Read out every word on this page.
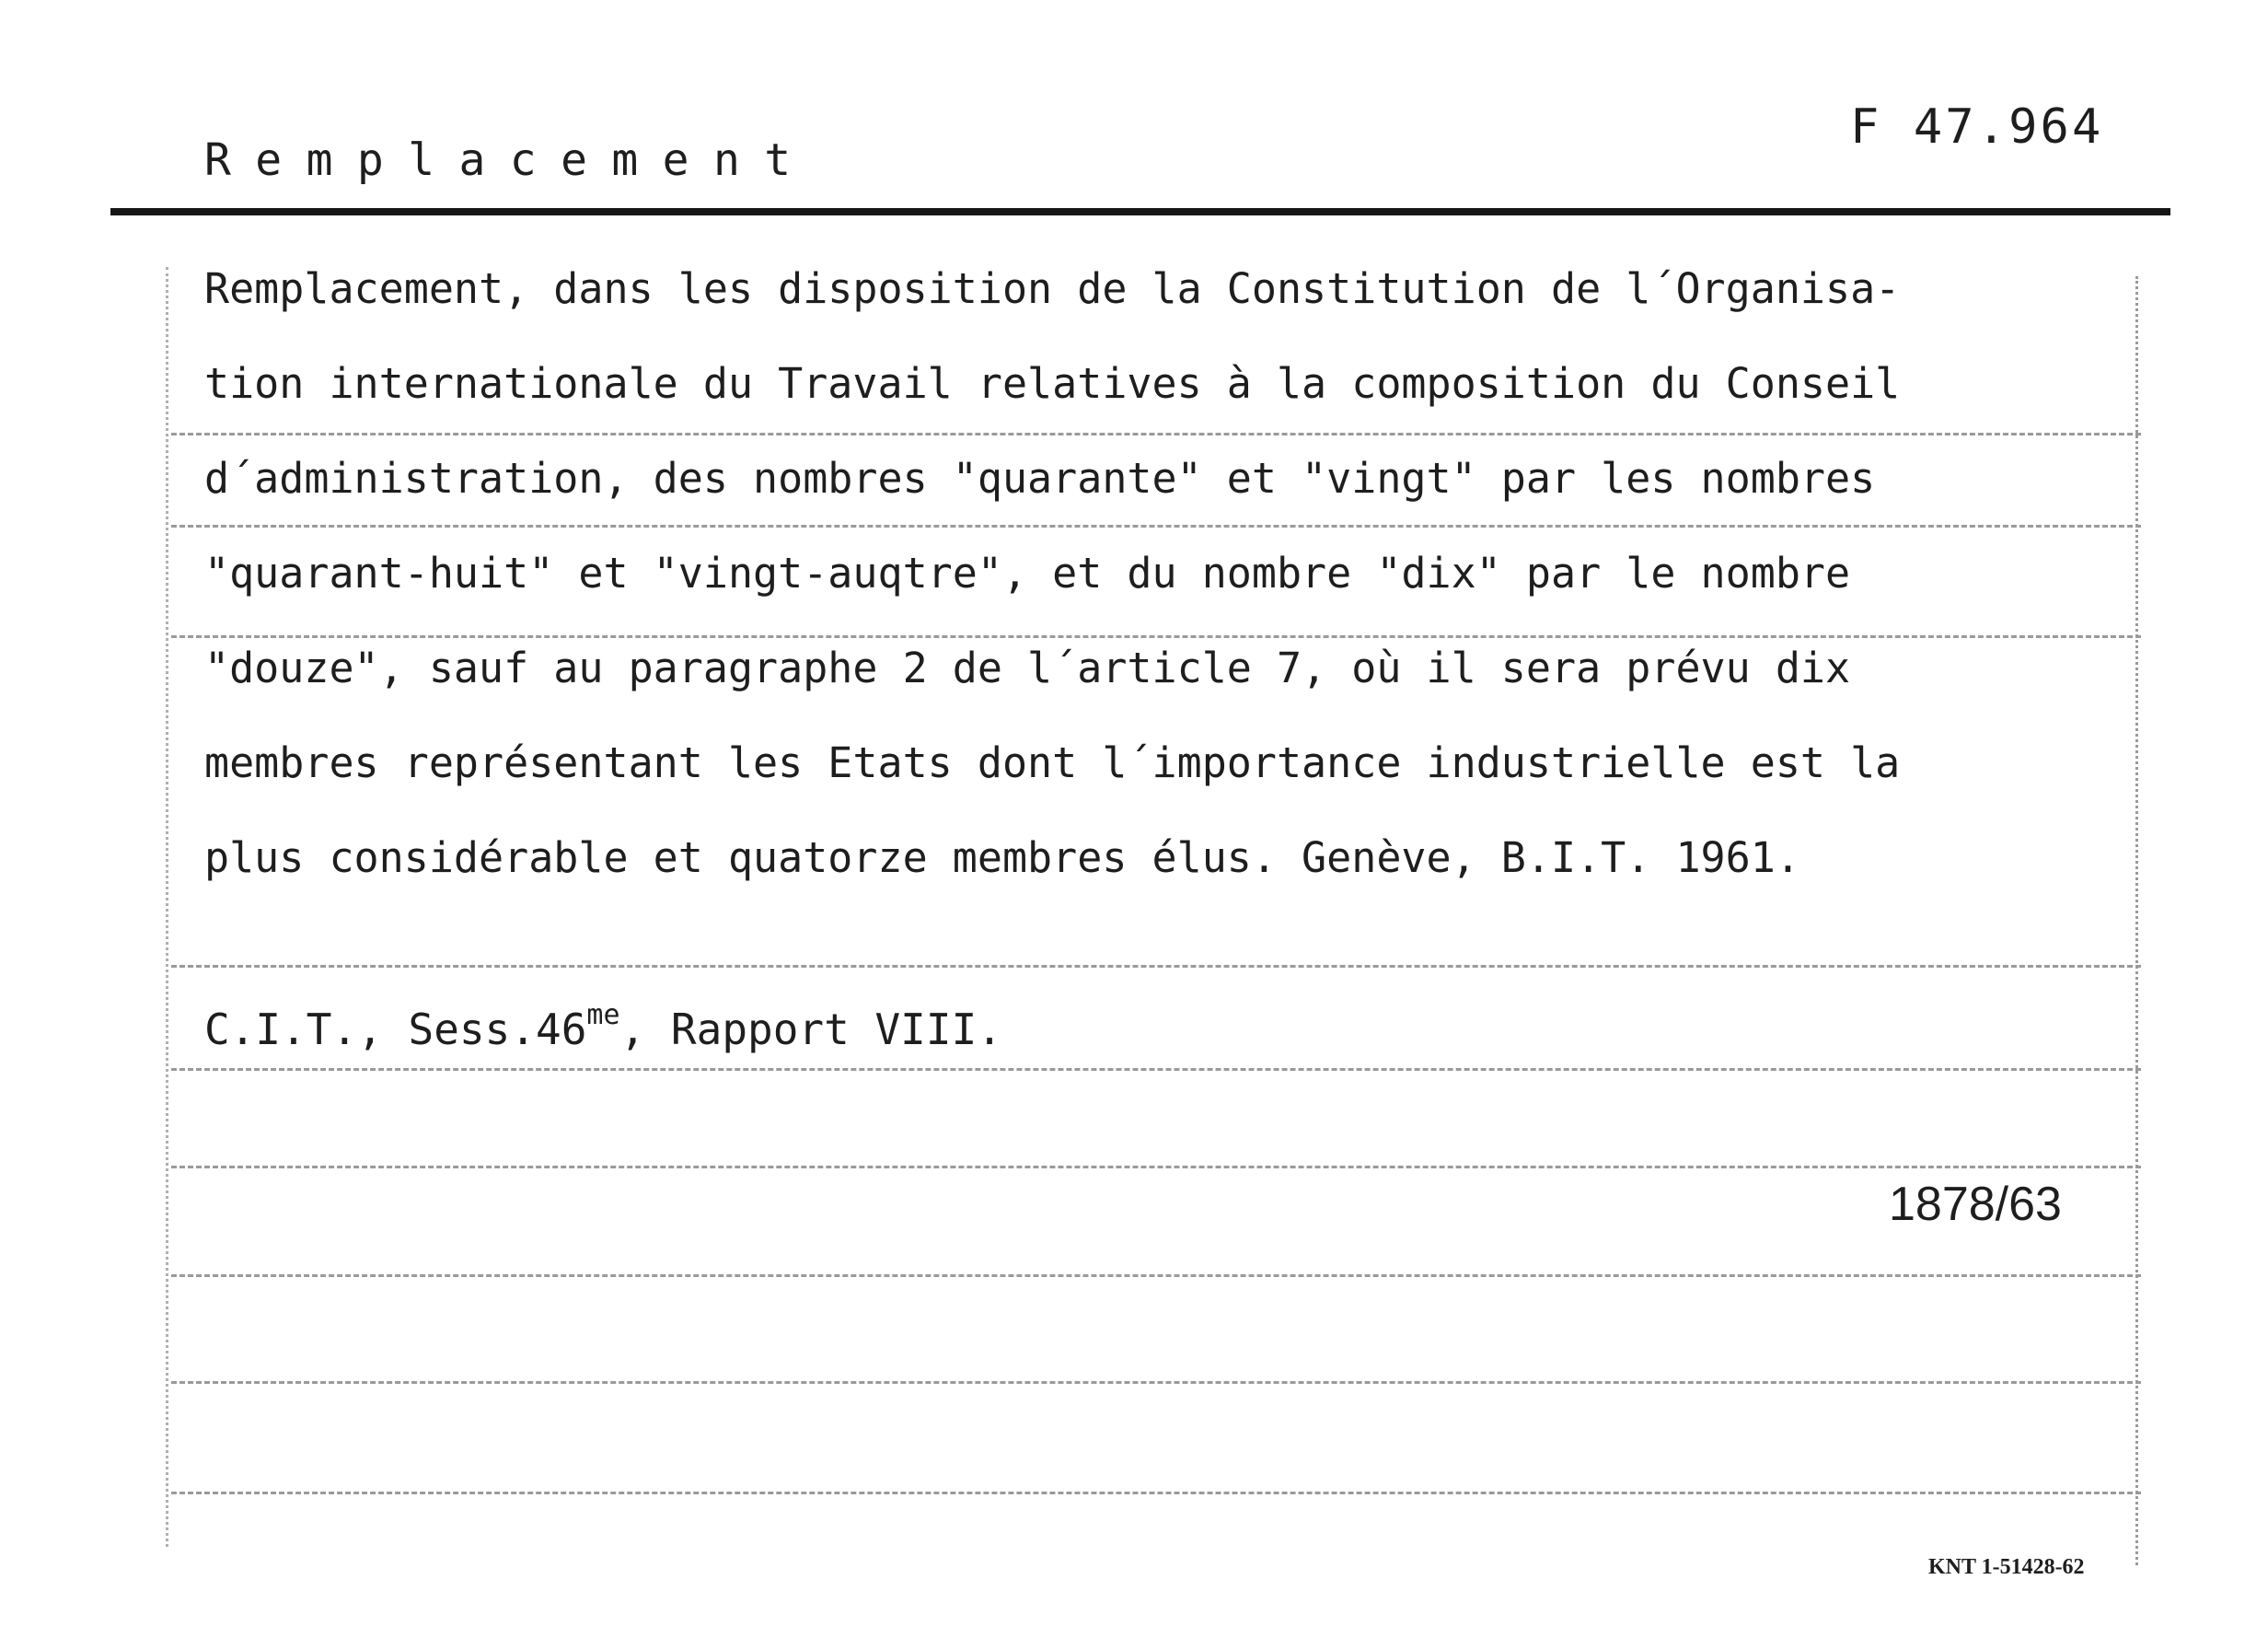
Remplacement
F 47.964
Remplacement, dans les disposition de la Constitution de l´Organisa-
tion internationale du Travail relatives à la composition du Conseil
d´administration, des nombres "quarante" et "vingt" par les nombres
"quarant-huit" et "vingt-auqtre", et du nombre "dix" par le nombre
"douze", sauf au paragraphe 2 de l´article 7, où il sera prévu dix
membres représentant les Etats dont l´importance industrielle est la
plus considérable et quatorze membres élus. Genève, B.I.T. 1961.
C.I.T., $Sess.46^{me}$, Rapport VIII.
1878/63
KNT 1-51428-62
